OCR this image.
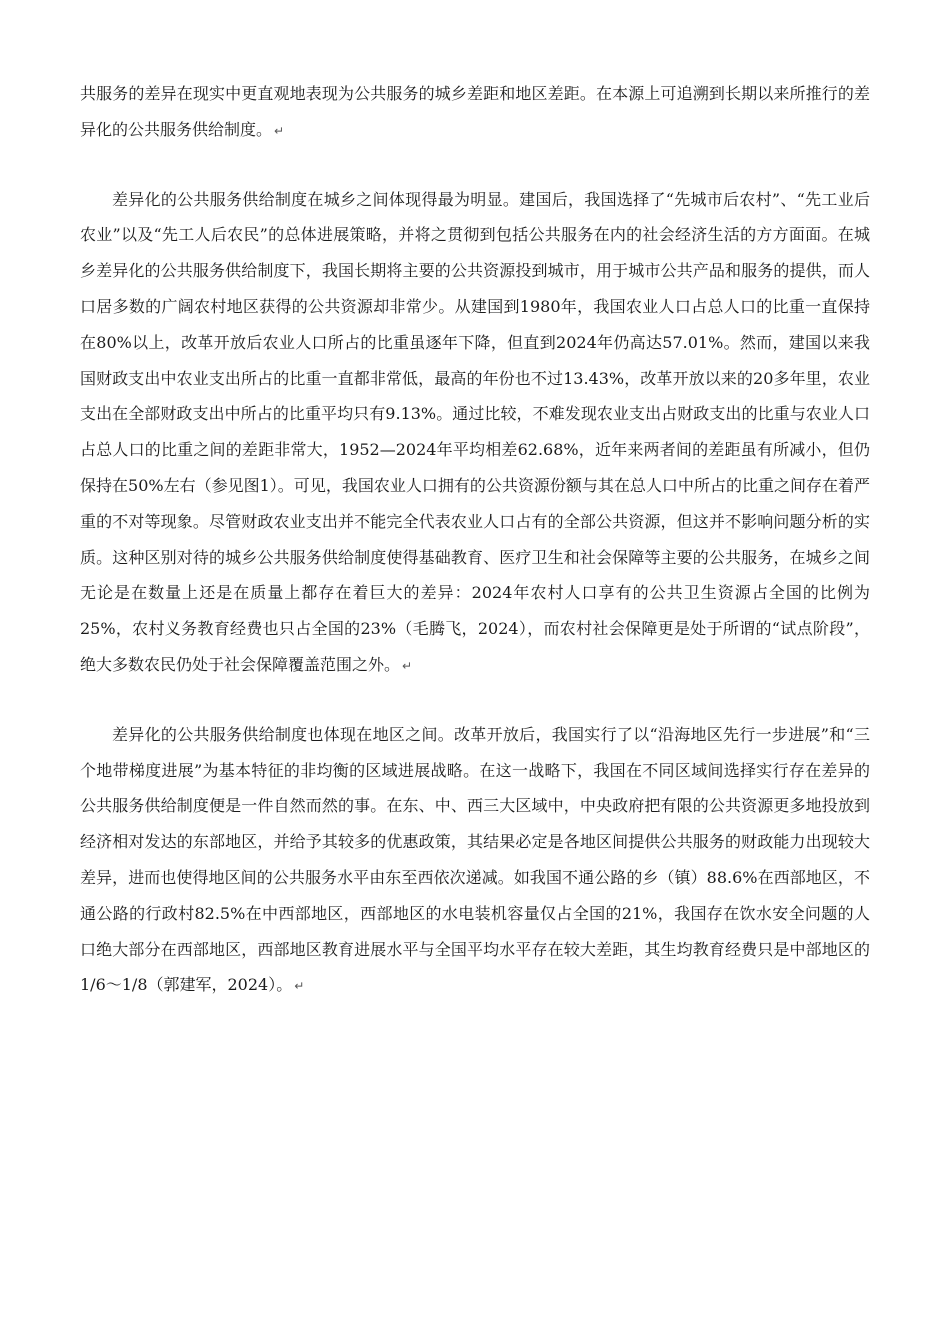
共服务的差异在现实中更直观地表现为公共服务的城乡差距和地区差距。在本源上可追溯到长期以来所推行的差异化的公共服务供给制度。 ↵

差异化的公共服务供给制度在城乡之间体现得最为明显。建国后，我国选择了“先城市后农村”、“先工业后农业”以及“先工人后农民”的总体进展策略，并将之贯彻到包括公共服务在内的社会经济生活的方方面面。在城乡差异化的公共服务供给制度下，我国长期将主要的公共资源投到城市，用于城市公共产品和服务的提供，而人口居多数的广阔农村地区获得的公共资源却非常少。从建国到1980年，我国农业人口占总人口的比重一直保持在80%以上，改革开放后农业人口所占的比重虽逐年下降，但直到2024年仍高达57.01%。然而，建国以来我国财政支出中农业支出所占的比重一直都非常低，最高的年份也不过13.43%，改革开放以来的20多年里，农业支出在全部财政支出中所占的比重平均只有9.13%。通过比较，不难发现农业支出占财政支出的比重与农业人口占总人口的比重之间的差距非常大，1952—2024年平均相差62.68%，近年来两者间的差距虽有所减小，但仍保持在50%左右（参见图1）。可见，我国农业人口拥有的公共资源份额与其在总人口中所占的比重之间存在着严重的不对等现象。尽管财政农业支出并不能完全代表农业人口占有的全部公共资源，但这并不影响问题分析的实质。这种区别对待的城乡公共服务供给制度使得基础教育、医疗卫生和社会保障等主要的公共服务，在城乡之间无论是在数量上还是在质量上都存在着巨大的差异：2024年农村人口享有的公共卫生资源占全国的比例为25%，农村义务教育经费也只占全国的23%（毛腾飞，2024），而农村社会保障更是处于所谓的“试点阶段”，绝大多数农民仍处于社会保障覆盖范围之外。 ↵

差异化的公共服务供给制度也体现在地区之间。改革开放后，我国实行了以“沿海地区先行一步进展”和“三个地带梯度进展”为基本特征的非均衡的区域进展战略。在这一战略下，我国在不同区域间选择实行存在差异的公共服务供给制度便是一件自然而然的事。在东、中、西三大区域中，中央政府把有限的公共资源更多地投放到经济相对发达的东部地区，并给予其较多的优惠政策，其结果必定是各地区间提供公共服务的财政能力出现较大差异，进而也使得地区间的公共服务水平由东至西依次递减。如我国不通公路的乡（镇）88.6%在西部地区，不通公路的行政村82.5%在中西部地区，西部地区的水电装机容量仅占全国的21%，我国存在饮水安全问题的人口绝大部分在西部地区，西部地区教育进展水平与全国平均水平存在较大差距，其生均教育经费只是中部地区的1/6～1/8（郭建军，2024）。 ↵
